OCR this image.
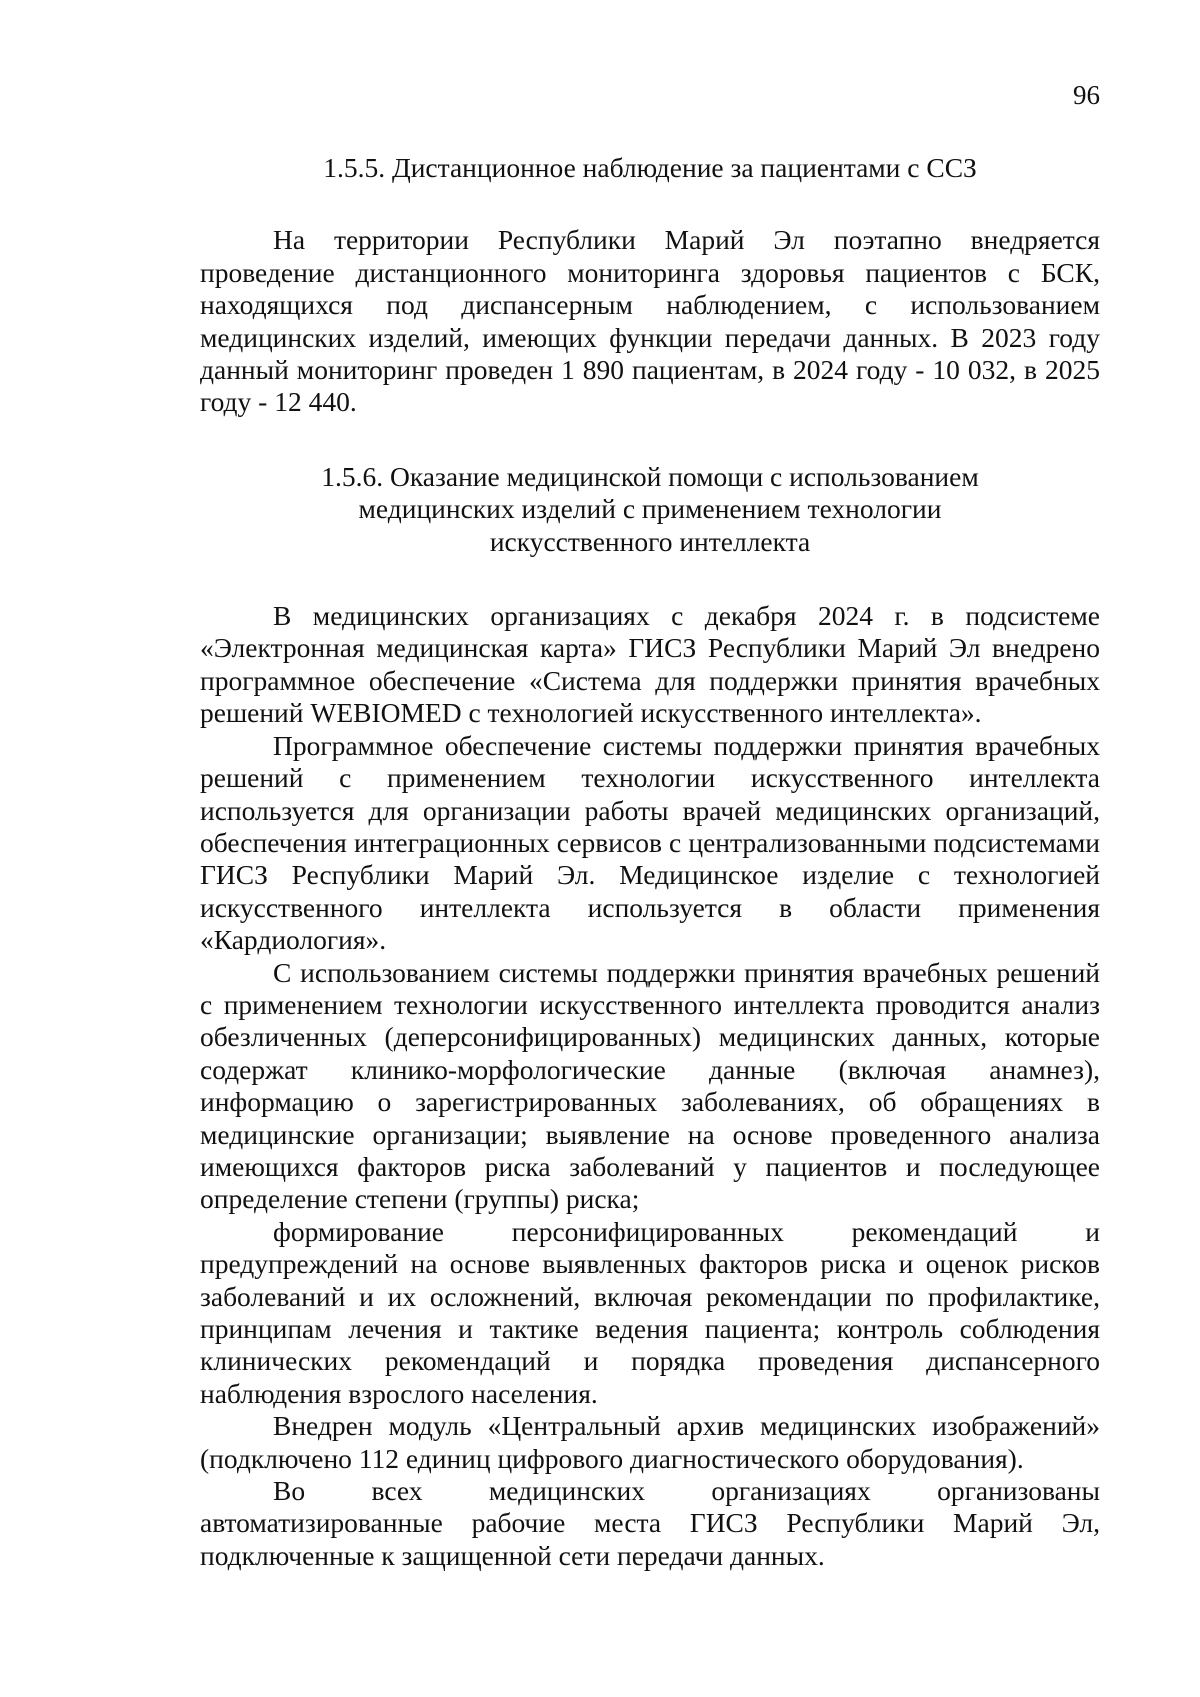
96

1.5.5. Дистанционное наблюдение за пациентами с ССЗ

На территории Республики Марий Эл поэтапно внедряется проведение дистанционного мониторинга здоровья пациентов с БСК, находящихся под диспансерным наблюдением, с использованием медицинских изделий, имеющих функции передачи данных. В 2023 году данный мониторинг проведен 1 890 пациентам, в 2024 году - 10 032, в 2025 году - 12 440.

1.5.6. Оказание медицинской помощи с использованием
медицинских изделий с применением технологии
искусственного интеллекта

В медицинских организациях с декабря 2024 г. в подсистеме «Электронная медицинская карта» ГИСЗ Республики Марий Эл внедрено программное обеспечение «Система для поддержки принятия врачебных решений WEBIOMED с технологией искусственного интеллекта».

Программное обеспечение системы поддержки принятия врачебных решений с применением технологии искусственного интеллекта используется для организации работы врачей медицинских организаций, обеспечения интеграционных сервисов с централизованными подсистемами ГИСЗ Республики Марий Эл. Медицинское изделие с технологией искусственного интеллекта используется в области применения «Кардиология».

С использованием системы поддержки принятия врачебных решений с применением технологии искусственного интеллекта проводится анализ обезличенных (деперсонифицированных) медицинских данных, которые содержат клинико-морфологические данные (включая анамнез), информацию о зарегистрированных заболеваниях, об обращениях в медицинские организации; выявление на основе проведенного анализа имеющихся факторов риска заболеваний у пациентов и последующее определение степени (группы) риска;

формирование персонифицированных рекомендаций и предупреждений на основе выявленных факторов риска и оценок рисков заболеваний и их осложнений, включая рекомендации по профилактике, принципам лечения и тактике ведения пациента; контроль соблюдения клинических рекомендаций и порядка проведения диспансерного наблюдения взрослого населения.

Внедрен модуль «Центральный архив медицинских изображений» (подключено 112 единиц цифрового диагностического оборудования).

Во всех медицинских организациях организованы автоматизированные рабочие места ГИСЗ Республики Марий Эл, подключенные к защищенной сети передачи данных.
